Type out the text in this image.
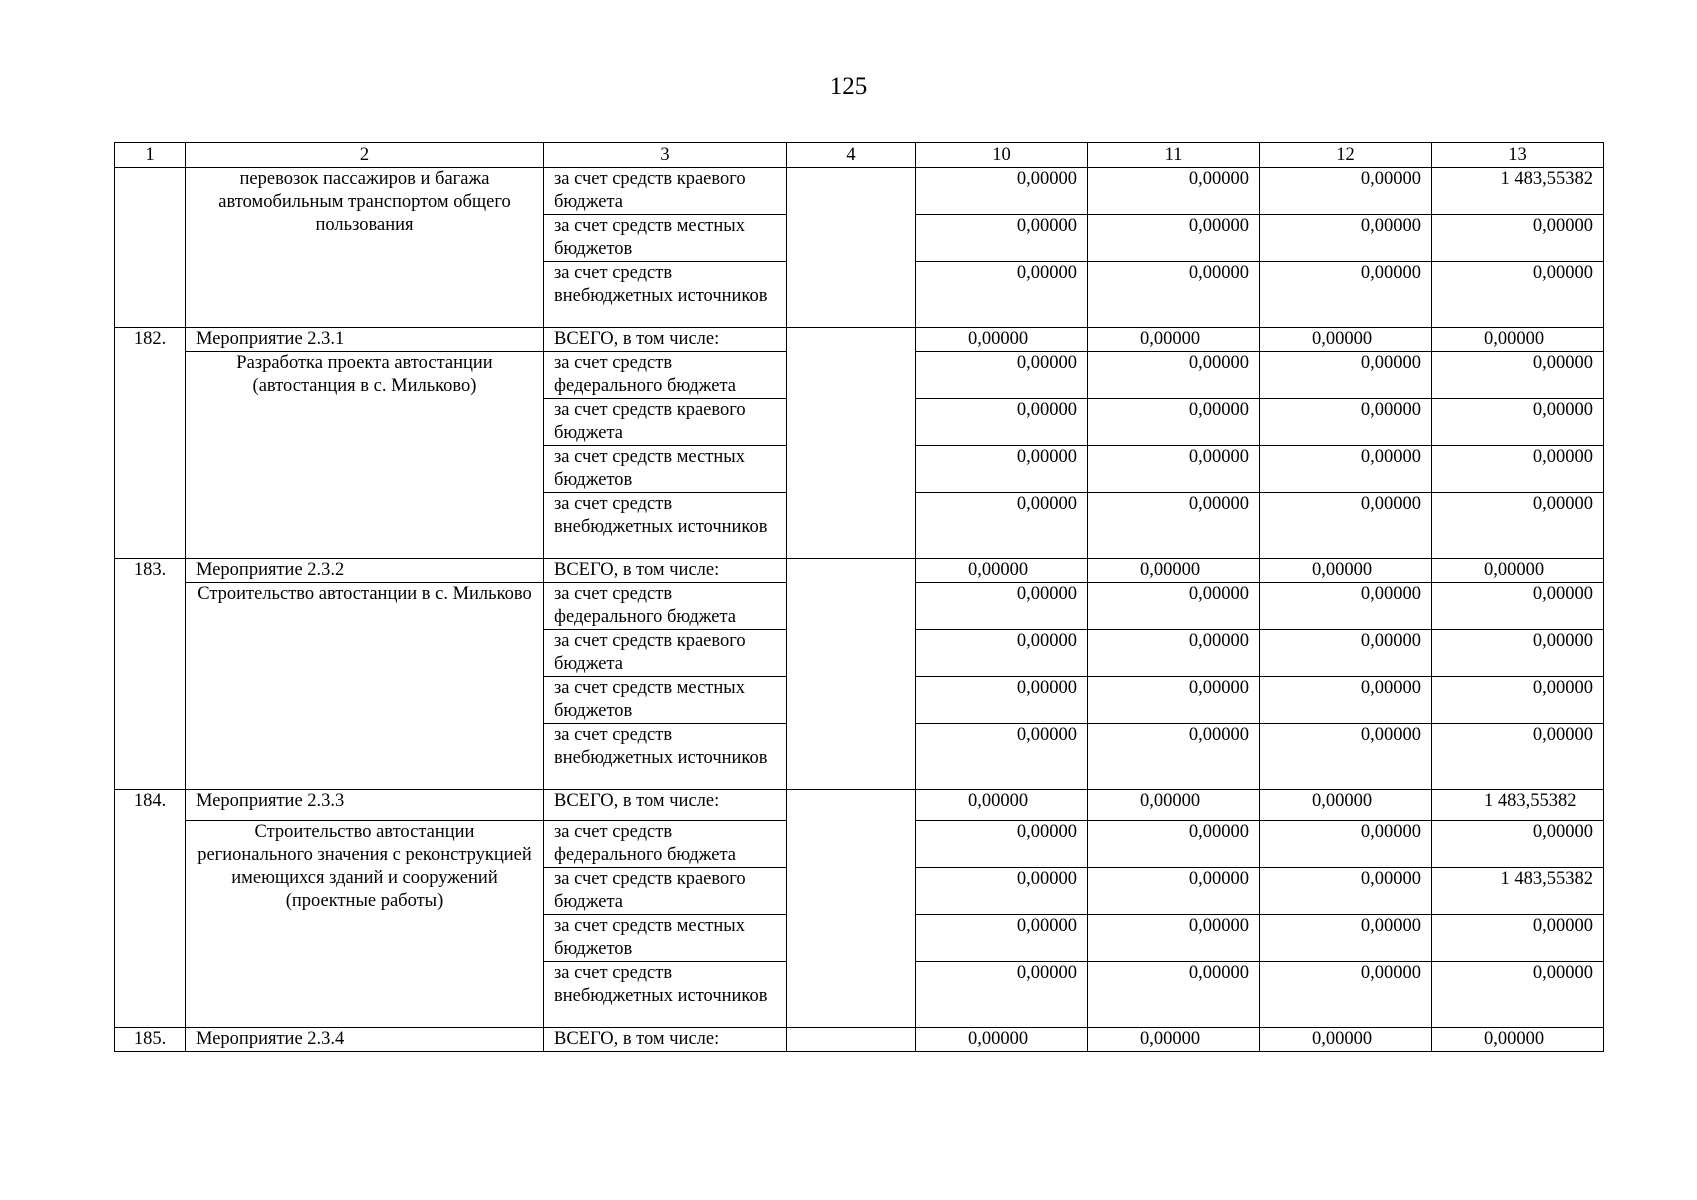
125
1	2	3	4	10	11	12	13
	перевозок пассажиров и багажа автомобильным транспортом общего пользования	за счет средств краевого бюджета		0,00000	0,00000	0,00000	1 483,55382
		за счет средств местных бюджетов		0,00000	0,00000	0,00000	0,00000
		за счет средств внебюджетных источников		0,00000	0,00000	0,00000	0,00000
182.	Мероприятие 2.3.1	ВСЕГО, в том числе:		0,00000	0,00000	0,00000	0,00000
	Разработка проекта автостанции (автостанция в с. Мильково)	за счет средств федерального бюджета		0,00000	0,00000	0,00000	0,00000
		за счет средств краевого бюджета		0,00000	0,00000	0,00000	0,00000
		за счет средств местных бюджетов		0,00000	0,00000	0,00000	0,00000
		за счет средств внебюджетных источников		0,00000	0,00000	0,00000	0,00000
183.	Мероприятие 2.3.2	ВСЕГО, в том числе:		0,00000	0,00000	0,00000	0,00000
	Строительство автостанции в с. Мильково	за счет средств федерального бюджета		0,00000	0,00000	0,00000	0,00000
		за счет средств краевого бюджета		0,00000	0,00000	0,00000	0,00000
		за счет средств местных бюджетов		0,00000	0,00000	0,00000	0,00000
		за счет средств внебюджетных источников		0,00000	0,00000	0,00000	0,00000
184.	Мероприятие 2.3.3	ВСЕГО, в том числе:		0,00000	0,00000	0,00000	1 483,55382
	Строительство автостанции регионального значения с реконструкцией имеющихся зданий и сооружений (проектные работы)	за счет средств федерального бюджета		0,00000	0,00000	0,00000	0,00000
		за счет средств краевого бюджета		0,00000	0,00000	0,00000	1 483,55382
		за счет средств местных бюджетов		0,00000	0,00000	0,00000	0,00000
		за счет средств внебюджетных источников		0,00000	0,00000	0,00000	0,00000
185.	Мероприятие 2.3.4	ВСЕГО, в том числе:		0,00000	0,00000	0,00000	0,00000
